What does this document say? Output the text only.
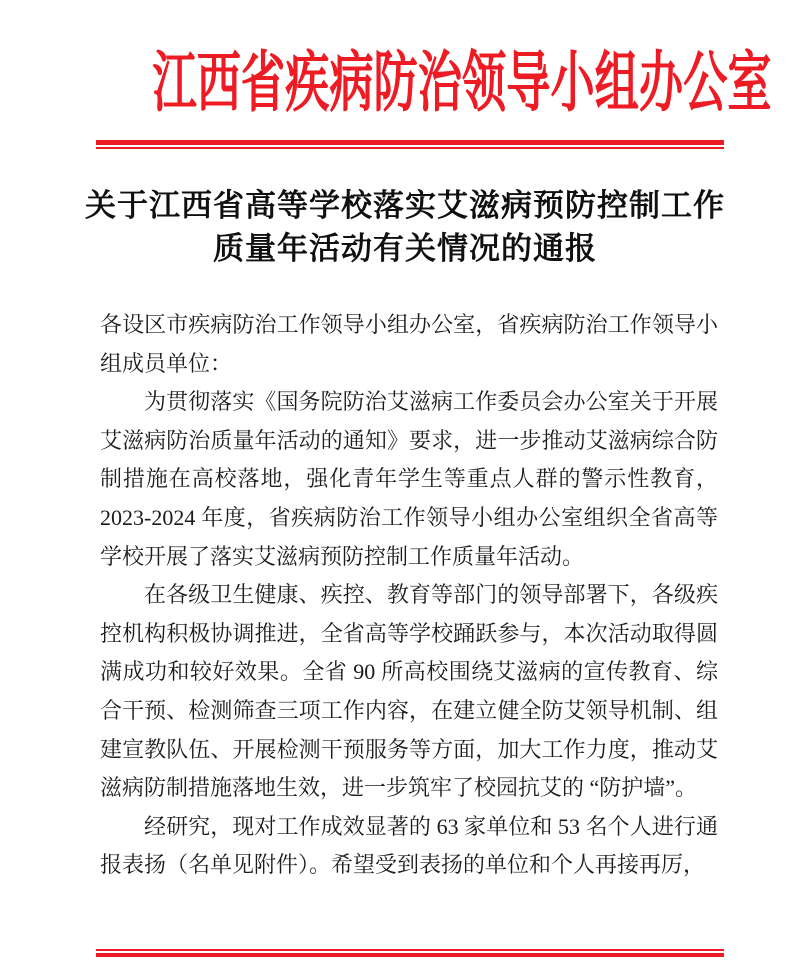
江西省疾病防治领导小组办公室
关于江西省高等学校落实艾滋病预防控制工作
质量年活动有关情况的通报

各设区市疾病防治工作领导小组办公室，省疾病防治工作领导小组成员单位：

为贯彻落实《国务院防治艾滋病工作委员会办公室关于开展艾滋病防治质量年活动的通知》要求，进一步推动艾滋病综合防制措施在高校落地，强化青年学生等重点人群的警示性教育，2023-2024 年度，省疾病防治工作领导小组办公室组织全省高等学校开展了落实艾滋病预防控制工作质量年活动。

在各级卫生健康、疾控、教育等部门的领导部署下，各级疾控机构积极协调推进，全省高等学校踊跃参与，本次活动取得圆满成功和较好效果。全省 90 所高校围绕艾滋病的宣传教育、综合干预、检测筛查三项工作内容，在建立健全防艾领导机制、组建宣教队伍、开展检测干预服务等方面，加大工作力度，推动艾滋病防制措施落地生效，进一步筑牢了校园抗艾的 “防护墙”。

经研究，现对工作成效显著的 63 家单位和 53 名个人进行通报表扬（名单见附件）。希望受到表扬的单位和个人再接再厉，
